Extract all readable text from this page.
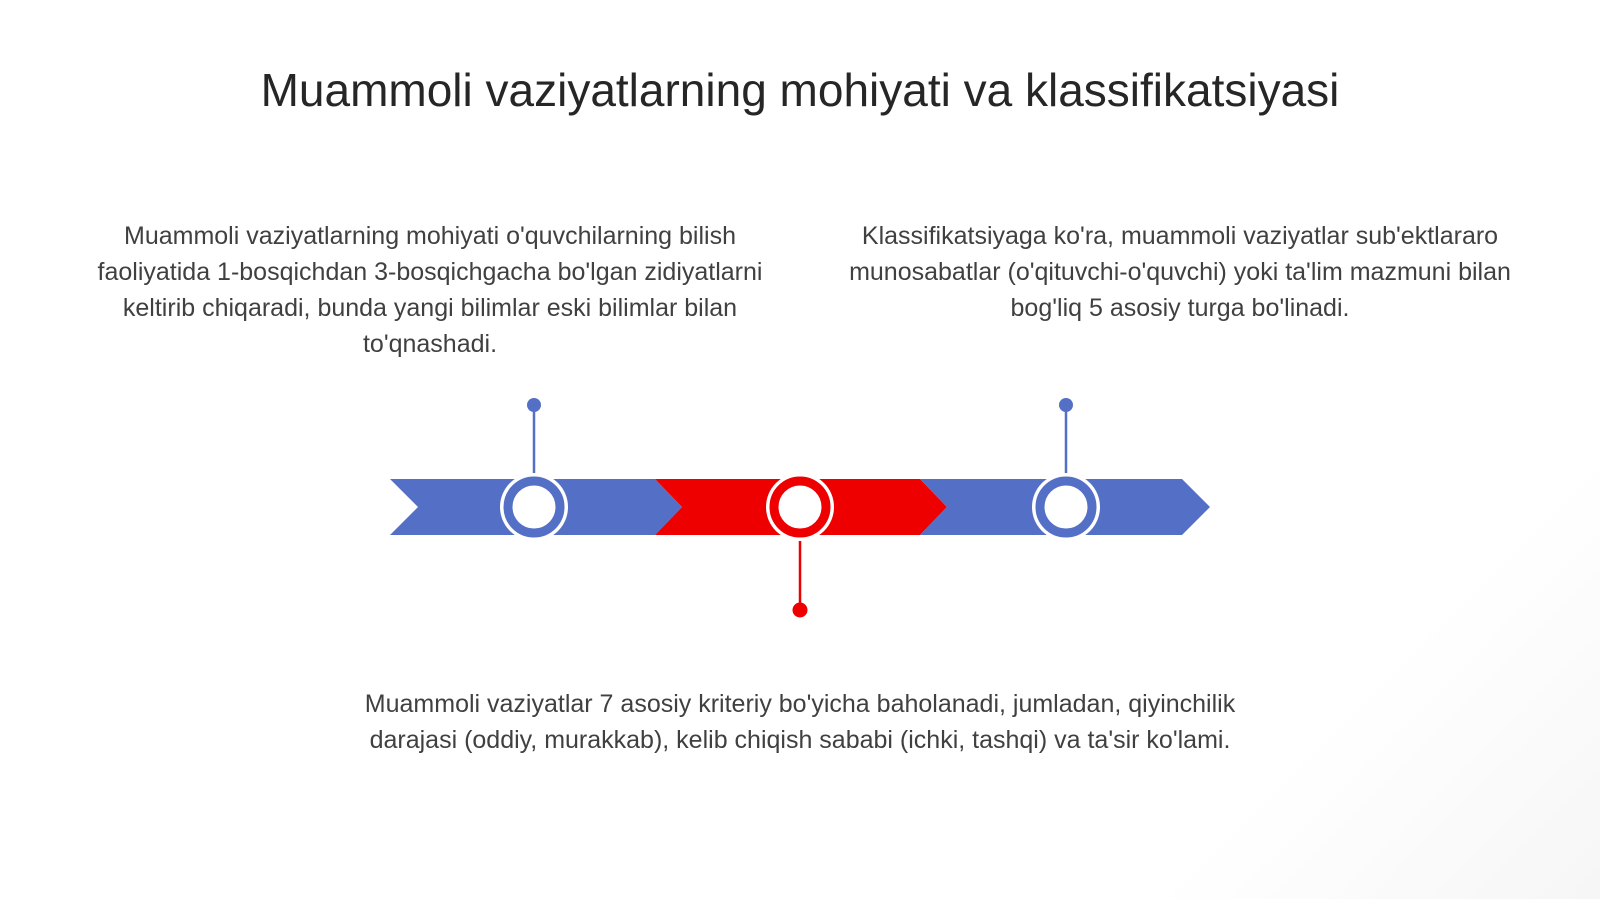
Muammoli vaziyatlarning mohiyati va klassifikatsiyasi

Muammoli vaziyatlarning mohiyati o'quvchilarning bilish faoliyatida 1-bosqichdan 3-bosqichgacha bo'lgan zidiyatlarni keltirib chiqaradi, bunda yangi bilimlar eski bilimlar bilan to'qnashadi.

Klassifikatsiyaga ko'ra, muammoli vaziyatlar sub'ektlararo munosabatlar (o'qituvchi-o'quvchi) yoki ta'lim mazmuni bilan bog'liq 5 asosiy turga bo'linadi.

Muammoli vaziyatlar 7 asosiy kriteriy bo'yicha baholanadi, jumladan, qiyinchilik darajasi (oddiy, murakkab), kelib chiqish sababi (ichki, tashqi) va ta'sir ko'lami.
